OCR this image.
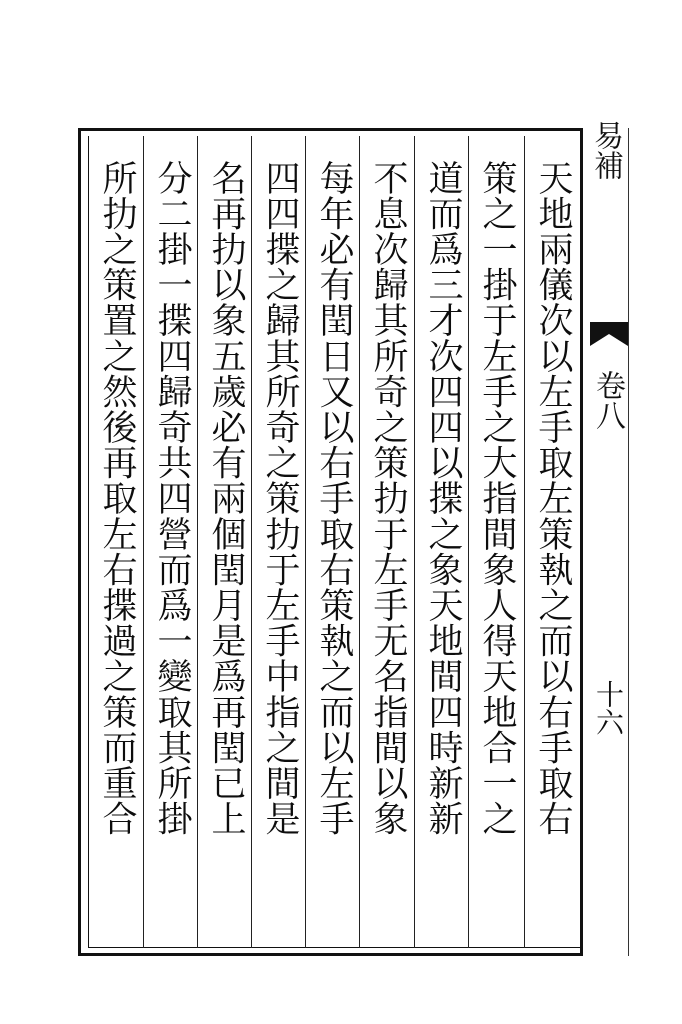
易補
卷八
十六
天地兩儀次以左手取左策執之而以右手取右
策之一掛于左手之大指間象人得天地合一之
道而爲三才次四四以揲之象天地間四時新新
不息次歸其所奇之策扐于左手无名指間以象
每年必有閏日又以右手取右策執之而以左手
四四揲之歸其所奇之策扐于左手中指之間是
名再扐以象五歲必有兩個閏月是爲再閏已上
分二掛一揲四歸奇共四營而爲一變取其所掛
所扐之策置之然後再取左右揲過之策而重合
